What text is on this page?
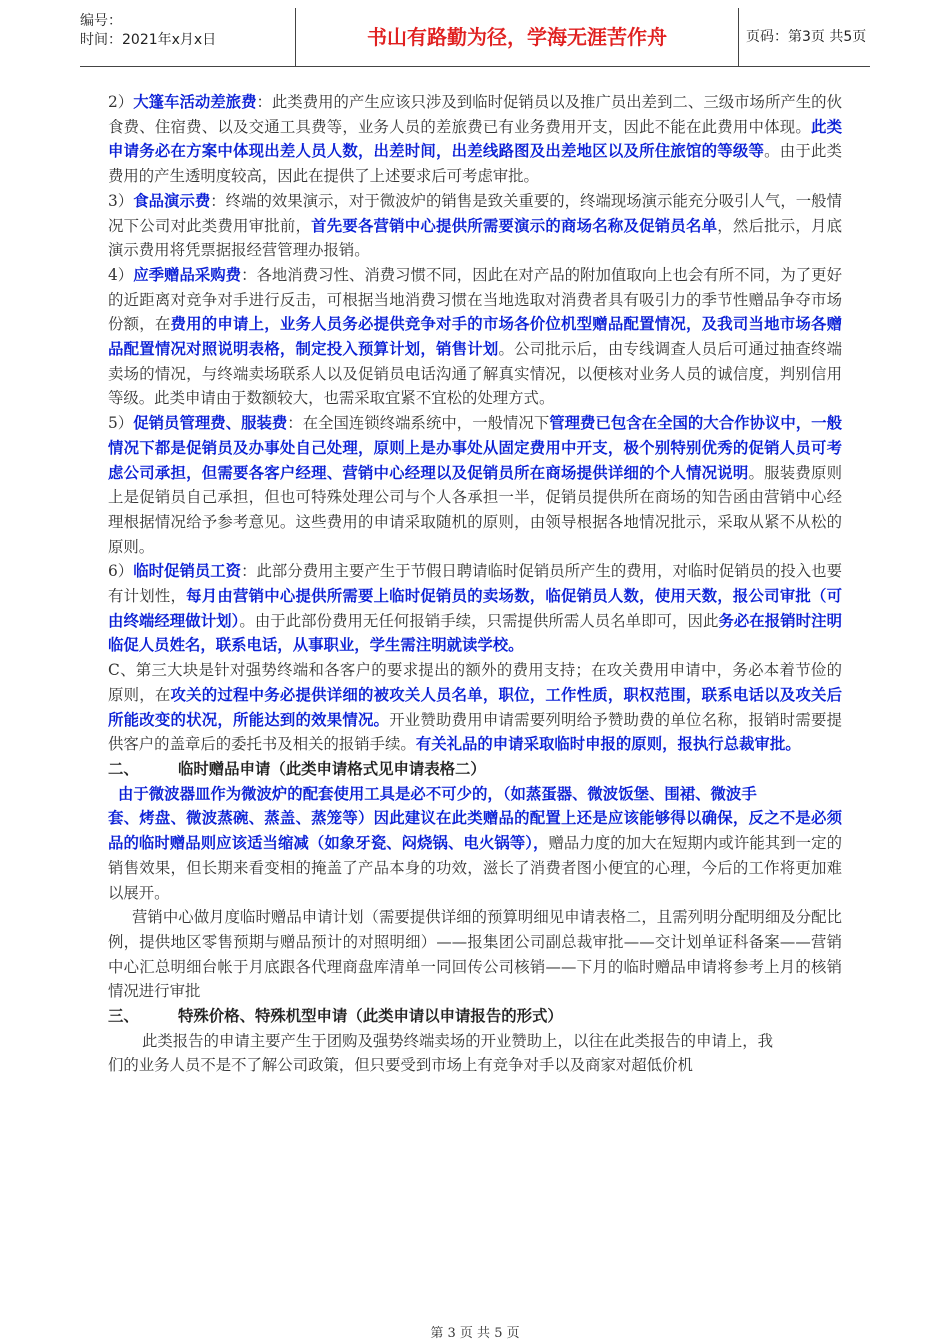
编号：
时间：2021年x月x日	书山有路勤为径，学海无涯苦作舟	页码：第3页 共5页

2）大篷车活动差旅费：此类费用的产生应该只涉及到临时促销员以及推广员出差到二、三级市场所产生的伙食费、住宿费、以及交通工具费等，业务人员的差旅费已有业务费用开支，因此不能在此费用中体现。此类申请务必在方案中体现出差人员人数，出差时间，出差线路图及出差地区以及所住旅馆的等级等。由于此类费用的产生透明度较高，因此在提供了上述要求后可考虑审批。

3）食品演示费：终端的效果演示，对于微波炉的销售是致关重要的，终端现场演示能充分吸引人气，一般情况下公司对此类费用审批前，首先要各营销中心提供所需要演示的商场名称及促销员名单，然后批示，月底演示费用将凭票据报经营管理办报销。

4）应季赠品采购费：各地消费习性、消费习惯不同，因此在对产品的附加值取向上也会有所不同，为了更好的近距离对竞争对手进行反击，可根据当地消费习惯在当地选取对消费者具有吸引力的季节性赠品争夺市场份额，在费用的申请上，业务人员务必提供竞争对手的市场各价位机型赠品配置情况，及我司当地市场各赠品配置情况对照说明表格，制定投入预算计划，销售计划。公司批示后，由专线调查人员后可通过抽查终端卖场的情况，与终端卖场联系人以及促销员电话沟通了解真实情况，以便核对业务人员的诚信度，判别信用等级。此类申请由于数额较大，也需采取宜紧不宜松的处理方式。

5）促销员管理费、服装费：在全国连锁终端系统中，一般情况下管理费已包含在全国的大合作协议中，一般情况下都是促销员及办事处自己处理，原则上是办事处从固定费用中开支，极个别特别优秀的促销人员可考虑公司承担，但需要各客户经理、营销中心经理以及促销员所在商场提供详细的个人情况说明。服装费原则上是促销员自己承担，但也可特殊处理公司与个人各承担一半，促销员提供所在商场的知告函由营销中心经理根据情况给予参考意见。这些费用的申请采取随机的原则，由领导根据各地情况批示，采取从紧不从松的原则。

6）临时促销员工资：此部分费用主要产生于节假日聘请临时促销员所产生的费用，对临时促销员的投入也要有计划性，每月由营销中心提供所需要上临时促销员的卖场数，临促销员人数，使用天数，报公司审批（可由终端经理做计划）。由于此部份费用无任何报销手续，只需提供所需人员名单即可，因此务必在报销时注明临促人员姓名，联系电话，从事职业，学生需注明就读学校。

C、第三大块是针对强势终端和各客户的要求提出的额外的费用支持；在攻关费用申请中，务必本着节俭的原则，在攻关的过程中务必提供详细的被攻关人员名单，职位，工作性质，职权范围，联系电话以及攻关后所能改变的状况，所能达到的效果情况。开业赞助费用申请需要列明给予赞助费的单位名称，报销时需要提供客户的盖章后的委托书及相关的报销手续。有关礼品的申请采取临时申报的原则，报执行总裁审批。

二、	临时赠品申请（此类申请格式见申请表格二）

由于微波器皿作为微波炉的配套使用工具是必不可少的，（如蒸蛋器、微波饭堡、围裙、微波手

套、烤盘、微波蒸碗、蒸盖、蒸笼等）因此建议在此类赠品的配置上还是应该能够得以确保，反之不是必须品的临时赠品则应该适当缩减（如象牙瓷、闷烧锅、电火锅等），赠品力度的加大在短期内或许能其到一定的销售效果，但长期来看变相的掩盖了产品本身的功效，滋长了消费者图小便宜的心理，今后的工作将更加难以展开。

营销中心做月度临时赠品申请计划（需要提供详细的预算明细见申请表格二，且需列明分配明细及分配比例，提供地区零售预期与赠品预计的对照明细）——报集团公司副总裁审批——交计划单证科备案——营销中心汇总明细台帐于月底跟各代理商盘库清单一同回传公司核销——下月的临时赠品申请将参考上月的核销情况进行审批

三、	特殊价格、特殊机型申请（此类申请以申请报告的形式）

此类报告的申请主要产生于团购及强势终端卖场的开业赞助上，以往在此类报告的申请上，我

们的业务人员不是不了解公司政策，但只要受到市场上有竞争对手以及商家对超低价机

第 3 页 共 5 页
